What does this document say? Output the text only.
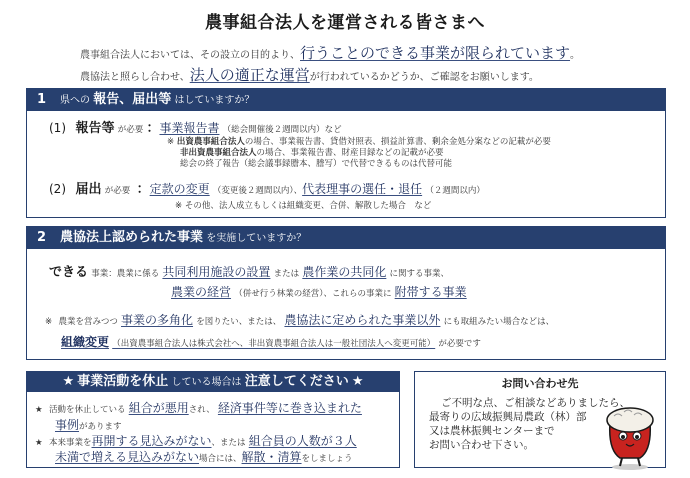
農事組合法人を運営される皆さまへ
農事組合法人においては、その設立の目的より、行うことのできる事業が限られています。
農協法と照らし合わせ、法人の適正な運営が行われているかどうか、ご確認をお願いします。
1 県への 報告、届出等 はしていますか？
(1) 報告等 が必要 ：事業報告書 （総会開催後２週間以内）など
※ 出資農事組合法人の場合、事業報告書、貸借対照表、損益計算書、剰余金処分案などの記載が必要
非出資農事組合法人の場合、事業報告書、財産目録などの記載が必要
総会の終了報告（総会議事録謄本、謄写）で代替できるものは代替可能
(2) 届出 が必要 ：定款の変更 （変更後２週間以内）、代表理事の選任・退任 （２週間以内）
※ その他、法人成立もしくは組織変更、合併、解散した場合　など
2 農協法上認められた事業 を実施していますか？
できる 事業：農業に係る 共同利用施設の設置 または 農作業の共同化 に関する事業、
農業の経営 （併せ行う林業の経営）、これらの事業に 附帯する事業
※ 農業を営みつつ 事業の多角化 を図りたい、または、 農協法に定められた事業以外 にも取組みたい場合などは、
組織変更 （出資農事組合法人は株式会社へ、非出資農事組合法人は一般社団法人へ変更可能） が必要です
★ 事業活動を休止 している場合は 注意してください ★
★ 活動を休止している 組合が悪用され、 経済事件等に巻き込まれた
事例があります
★ 本来事業を再開する見込みがない、または 組合員の人数が３人
未満で増える見込みがない場合には、解散・清算をしましょう
お問い合わせ先
ご不明な点、ご相談などありましたら、
最寄りの広域振興局農政（林）部
又は農林振興センターまで
お問い合わせ下さい。
